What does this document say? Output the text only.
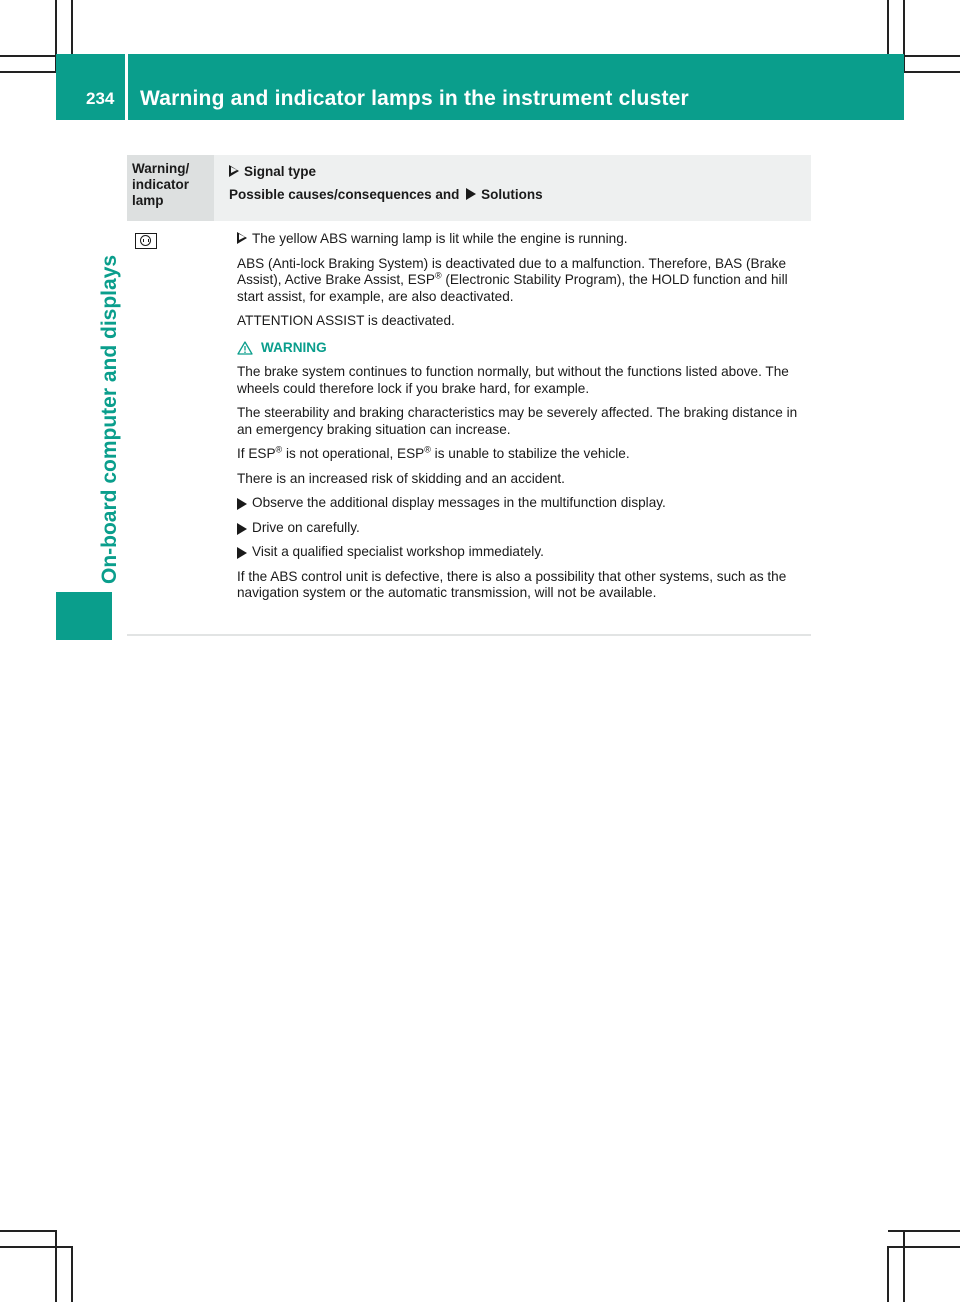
234	Warning and indicator lamps in the instrument cluster
On-board computer and displays
Warning/
indicator
lamp
Signal type
Possible causes/consequences and Solutions

The yellow ABS warning lamp is lit while the engine is running.

ABS (Anti-lock Braking System) is deactivated due to a malfunction. Therefore, BAS (Brake Assist), Active Brake Assist, ESP® (Electronic Stability Program), the HOLD function and hill start assist, for example, are also deactivated.

ATTENTION ASSIST is deactivated.

WARNING

The brake system continues to function normally, but without the functions listed above. The wheels could therefore lock if you brake hard, for example.

The steerability and braking characteristics may be severely affected. The braking distance in an emergency braking situation can increase.

If ESP® is not operational, ESP® is unable to stabilize the vehicle.

There is an increased risk of skidding and an accident.

Observe the additional display messages in the multifunction display.

Drive on carefully.

Visit a qualified specialist workshop immediately.

If the ABS control unit is defective, there is also a possibility that other systems, such as the navigation system or the automatic transmission, will not be available.
